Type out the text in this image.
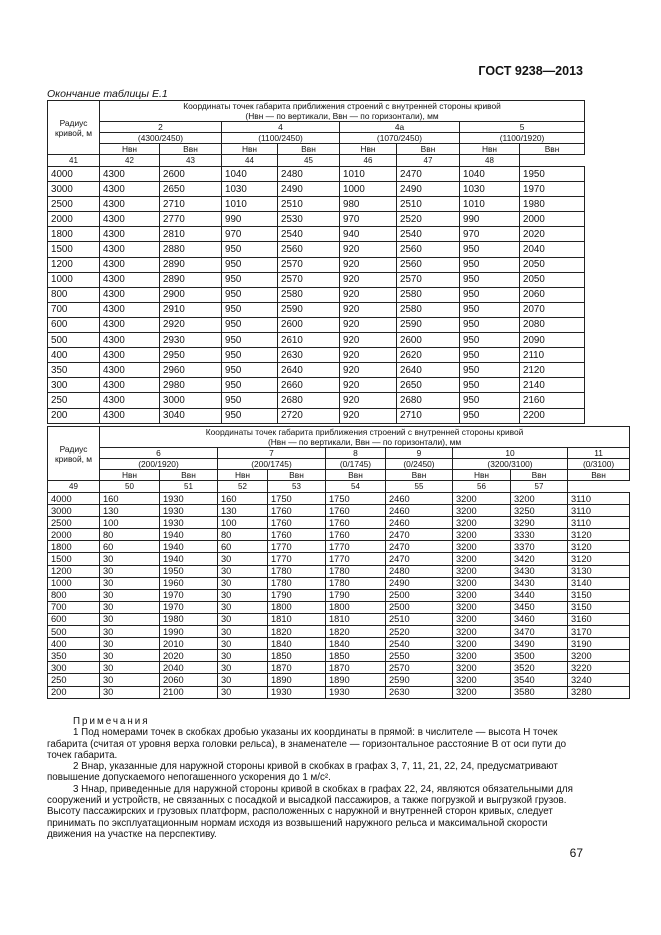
ГОСТ 9238—2013
Окончание таблицы Е.1
Радиус кривой, м	Координаты точек габарита приближения строений с внутренней стороны кривой
(Hвн — по вертикали, Bвн — по горизонтали), мм							
	2		4		4а		5	
	(4300/2450)		(1100/2450)		(1070/2450)		(1100/1920)	
	Hвн	Bвн	Hвн	Bвн	Hвн	Bвн	Hвн	Bвн
41	42	43	44	45	46	47	48	
4000	4300	2600	1040	2480	1010	2470	1040	1950
3000	4300	2650	1030	2490	1000	2490	1030	1970
2500	4300	2710	1010	2510	980	2510	1010	1980
2000	4300	2770	990	2530	970	2520	990	2000
1800	4300	2810	970	2540	940	2540	970	2020
1500	4300	2880	950	2560	920	2560	950	2040
1200	4300	2890	950	2570	920	2560	950	2050
1000	4300	2890	950	2570	920	2570	950	2050
800	4300	2900	950	2580	920	2580	950	2060
700	4300	2910	950	2590	920	2580	950	2070
600	4300	2920	950	2600	920	2590	950	2080
500	4300	2930	950	2610	920	2600	950	2090
400	4300	2950	950	2630	920	2620	950	2110
350	4300	2960	950	2640	920	2640	950	2120
300	4300	2980	950	2660	920	2650	950	2140
250	4300	3000	950	2680	920	2680	950	2160
200	4300	3040	950	2720	920	2710	950	2200
Радиус кривой, м	Координаты точек габарита приближения строений с внутренней стороны кривой
(Hвн — по вертикали, Bвн — по горизонтали), мм								
	6		7		8	9	10		11
	(200/1920)		(200/1745)		(0/1745)	(0/2450)	(3200/3100)		(0/3100)
	Hвн	Bвн	Hвн	Bвн	Bвн	Bвн	Hвн	Bвн	Bвн
49	50	51	52	53	54	55	56	57	
4000	160	1930	160	1750	1750	2460	3200	3200	3110
3000	130	1930	130	1760	1760	2460	3200	3250	3110
2500	100	1930	100	1760	1760	2460	3200	3290	3110
2000	80	1940	80	1760	1760	2470	3200	3330	3120
1800	60	1940	60	1770	1770	2470	3200	3370	3120
1500	30	1940	30	1770	1770	2470	3200	3420	3120
1200	30	1950	30	1780	1780	2480	3200	3430	3130
1000	30	1960	30	1780	1780	2490	3200	3430	3140
800	30	1970	30	1790	1790	2500	3200	3440	3150
700	30	1970	30	1800	1800	2500	3200	3450	3150
600	30	1980	30	1810	1810	2510	3200	3460	3160
500	30	1990	30	1820	1820	2520	3200	3470	3170
400	30	2010	30	1840	1840	2540	3200	3490	3190
350	30	2020	30	1850	1850	2550	3200	3500	3200
300	30	2040	30	1870	1870	2570	3200	3520	3220
250	30	2060	30	1890	1890	2590	3200	3540	3240
200	30	2100	30	1930	1930	2630	3200	3580	3280

Примечания

1 Под номерами точек в скобках дробью указаны их координаты в прямой: в числителе — высота H точек габарита (считая от уровня верха головки рельса), в знаменателе — горизонтальное расстояние B от оси пути до точек габарита.

2 Bнар, указанные для наружной стороны кривой в скобках в графах 3, 7, 11, 21, 22, 24, предусматривают повышение допускаемого непогашенного ускорения до 1 м/с².

3 Hнар, приведенные для наружной стороны кривой в скобках в графах 22, 24, являются обязательными для сооружений и устройств, не связанных с посадкой и высадкой пассажиров, а также погрузкой и выгрузкой грузов. Высоту пассажирских и грузовых платформ, расположенных с наружной и внутренней сторон кривых, следует принимать по эксплуатационным нормам исходя из возвышений наружного рельса и максимальной скорости движения на участке на перспективу.

67
